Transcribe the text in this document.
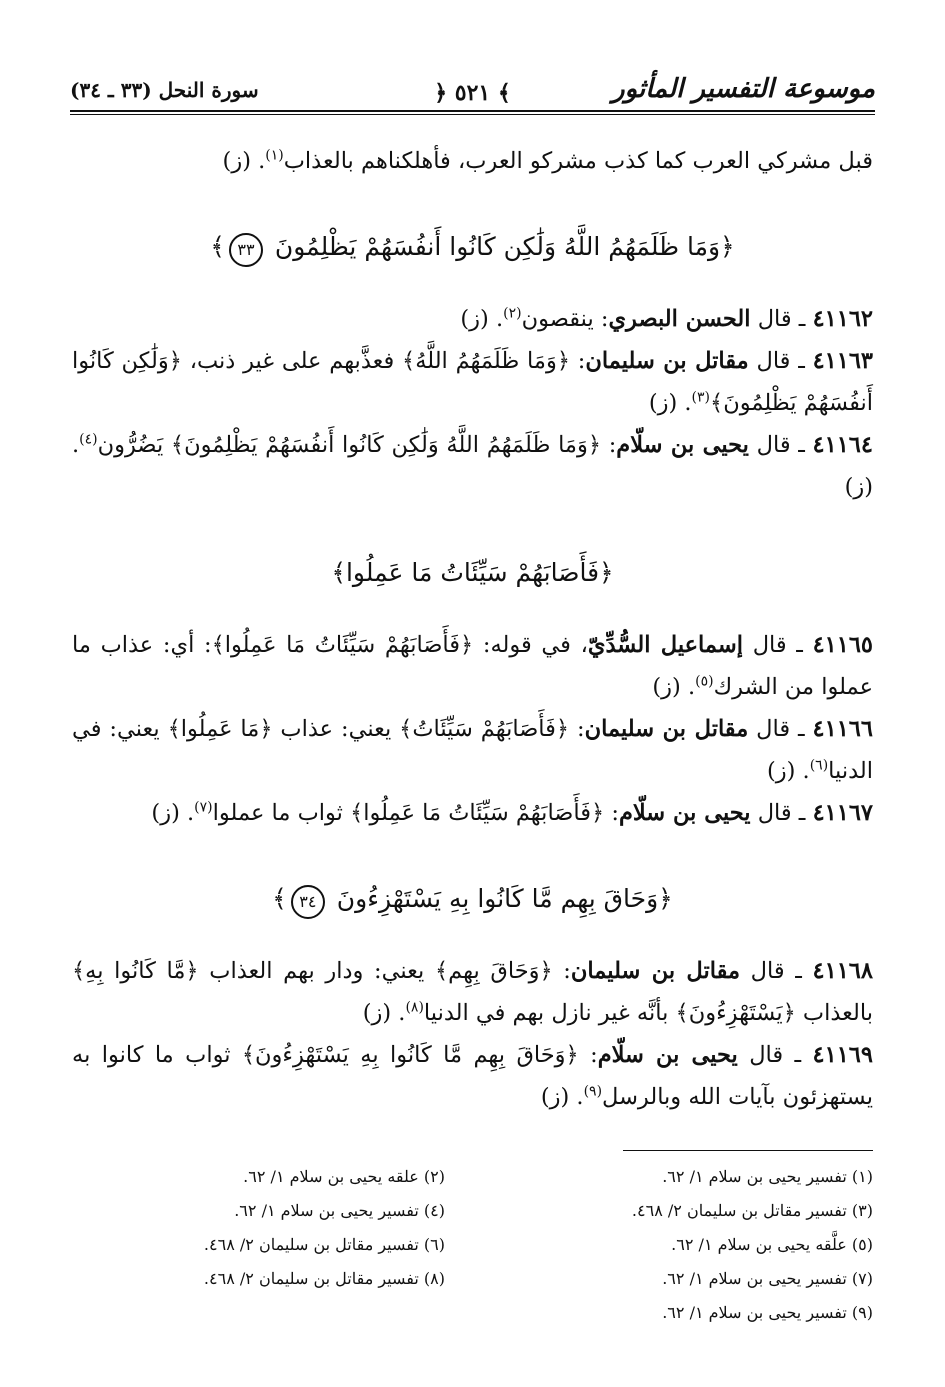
موسوعة التفسير المأثور
﴾ ٥٢١ ﴿
سورة النحل (٣٣ ـ ٣٤)

قبل مشركي العرب كما كذب مشركو العرب، فأهلكناهم بالعذاب$^{(١)}$. (ز)

﴿وَمَا ظَلَمَهُمُ اللَّهُ وَلَٰكِن كَانُوا أَنفُسَهُمْ يَظْلِمُونَ ٣٣﴾

٤١١٦٢ ـ قال الحسن البصري: ينقصون$^{(٢)}$. (ز)

٤١١٦٣ ـ قال مقاتل بن سليمان: ﴿وَمَا ظَلَمَهُمُ اللَّهُ﴾ فعذَّبهم على غير ذنب، ﴿وَلَٰكِن كَانُوا أَنفُسَهُمْ يَظْلِمُونَ﴾$^{(٣)}$. (ز)

٤١١٦٤ ـ قال يحيى بن سلّام: ﴿وَمَا ظَلَمَهُمُ اللَّهُ وَلَٰكِن كَانُوا أَنفُسَهُمْ يَظْلِمُونَ﴾ يَضُرُّون$^{(٤)}$. (ز)

﴿فَأَصَابَهُمْ سَيِّئَاتُ مَا عَمِلُوا﴾

٤١١٦٥ ـ قال إسماعيل السُّدِّيّ، في قوله: ﴿فَأَصَابَهُمْ سَيِّئَاتُ مَا عَمِلُوا﴾: أي: عذاب ما عملوا من الشرك$^{(٥)}$. (ز)

٤١١٦٦ ـ قال مقاتل بن سليمان: ﴿فَأَصَابَهُمْ سَيِّئَاتُ﴾ يعني: عذاب ﴿مَا عَمِلُوا﴾ يعني: في الدنيا$^{(٦)}$. (ز)

٤١١٦٧ ـ قال يحيى بن سلّام: ﴿فَأَصَابَهُمْ سَيِّئَاتُ مَا عَمِلُوا﴾ ثواب ما عملوا$^{(٧)}$. (ز)

﴿وَحَاقَ بِهِم مَّا كَانُوا بِهِ يَسْتَهْزِءُونَ ٣٤﴾

٤١١٦٨ ـ قال مقاتل بن سليمان: ﴿وَحَاقَ بِهِم﴾ يعني: ودار بهم العذاب ﴿مَّا كَانُوا بِهِ﴾ بالعذاب ﴿يَسْتَهْزِءُونَ﴾ بأنَّه غير نازل بهم في الدنيا$^{(٨)}$. (ز)

٤١١٦٩ ـ قال يحيى بن سلّام: ﴿وَحَاقَ بِهِم مَّا كَانُوا بِهِ يَسْتَهْزِءُونَ﴾ ثواب ما كانوا به يستهزئون بآيات الله وبالرسل$^{(٩)}$. (ز)

(١) تفسير يحيى بن سلام ١/ ٦٢.
(٣) تفسير مقاتل بن سليمان ٢/ ٤٦٨.
(٥) علَّقه يحيى بن سلام ١/ ٦٢.
(٧) تفسير يحيى بن سلام ١/ ٦٢.
(٩) تفسير يحيى بن سلام ١/ ٦٢.
(٢) علقه يحيى بن سلام ١/ ٦٢.
(٤) تفسير يحيى بن سلام ١/ ٦٢.
(٦) تفسير مقاتل بن سليمان ٢/ ٤٦٨.
(٨) تفسير مقاتل بن سليمان ٢/ ٤٦٨.
